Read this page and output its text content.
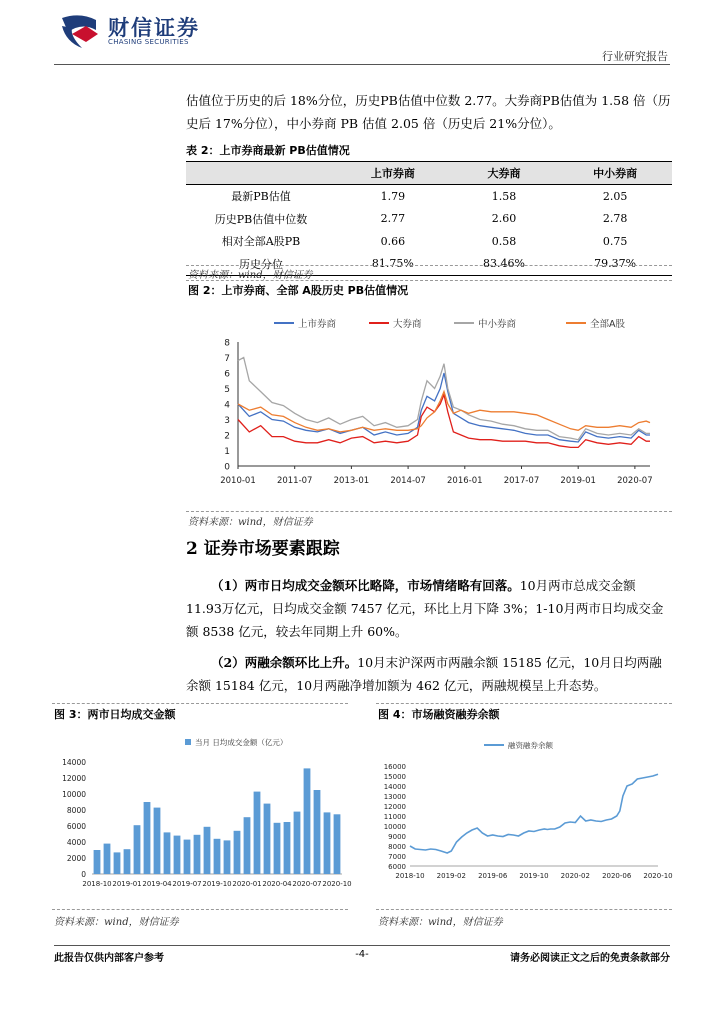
财信证券
CHASING SECURITIES
行业研究报告
估值位于历史的后 18%分位，历史PB估值中位数 2.77。大券商PB估值为 1.58 倍（历史后 17%分位），中小券商 PB 估值 2.05 倍（历史后 21%分位）。
表 2：上市券商最新 PB估值情况
	上市券商	大券商	中小券商
最新PB估值	1.79	1.58	2.05
历史PB估值中位数	2.77	2.60	2.78
相对全部A股PB	0.66	0.58	0.75
历史分位	81.75%	83.46%	79.37%
资料来源：wind，财信证券
图 2：上市券商、全部 A股历史 PB估值情况
0
1
2
3
4
5
6
7
8
2010-01 2011-07 2013-01 2014-07 2016-01 2017-07 2019-01 2020-07
上市券商	大券商	中小券商	全部A股
资料来源：wind，财信证券
2 证券市场要素跟踪
（1）两市日均成交金额环比略降，市场情绪略有回落。10月两市总成交金额 11.93万亿元，日均成交金额 7457 亿元，环比上月下降 3%；1-10月两市日均成交金额 8538 亿元，较去年同期上升 60%。
（2）两融余额环比上升。10月末沪深两市两融余额 15185 亿元，10月日均两融余额 15184 亿元，10月两融净增加额为 462 亿元，两融规模呈上升态势。
图 3：两市日均成交金额
当月 日均成交金额（亿元）
0
2000
4000
6000
8000
10000
12000
14000
2018-10 2019-01 2019-04 2019-07 2019-10 2020-01 2020-04 2020-07 2020-10
资料来源：wind，财信证券
图 4：市场融资融券余额
融资融券余额
6000
7000
8000
9000
10000
11000
12000
13000
14000
15000
16000
2018-10 2019-02 2019-06 2019-10 2020-02 2020-06 2020-10
资料来源：wind，财信证券
此报告仅供内部客户参考	-4-	请务必阅读正文之后的免责条款部分
